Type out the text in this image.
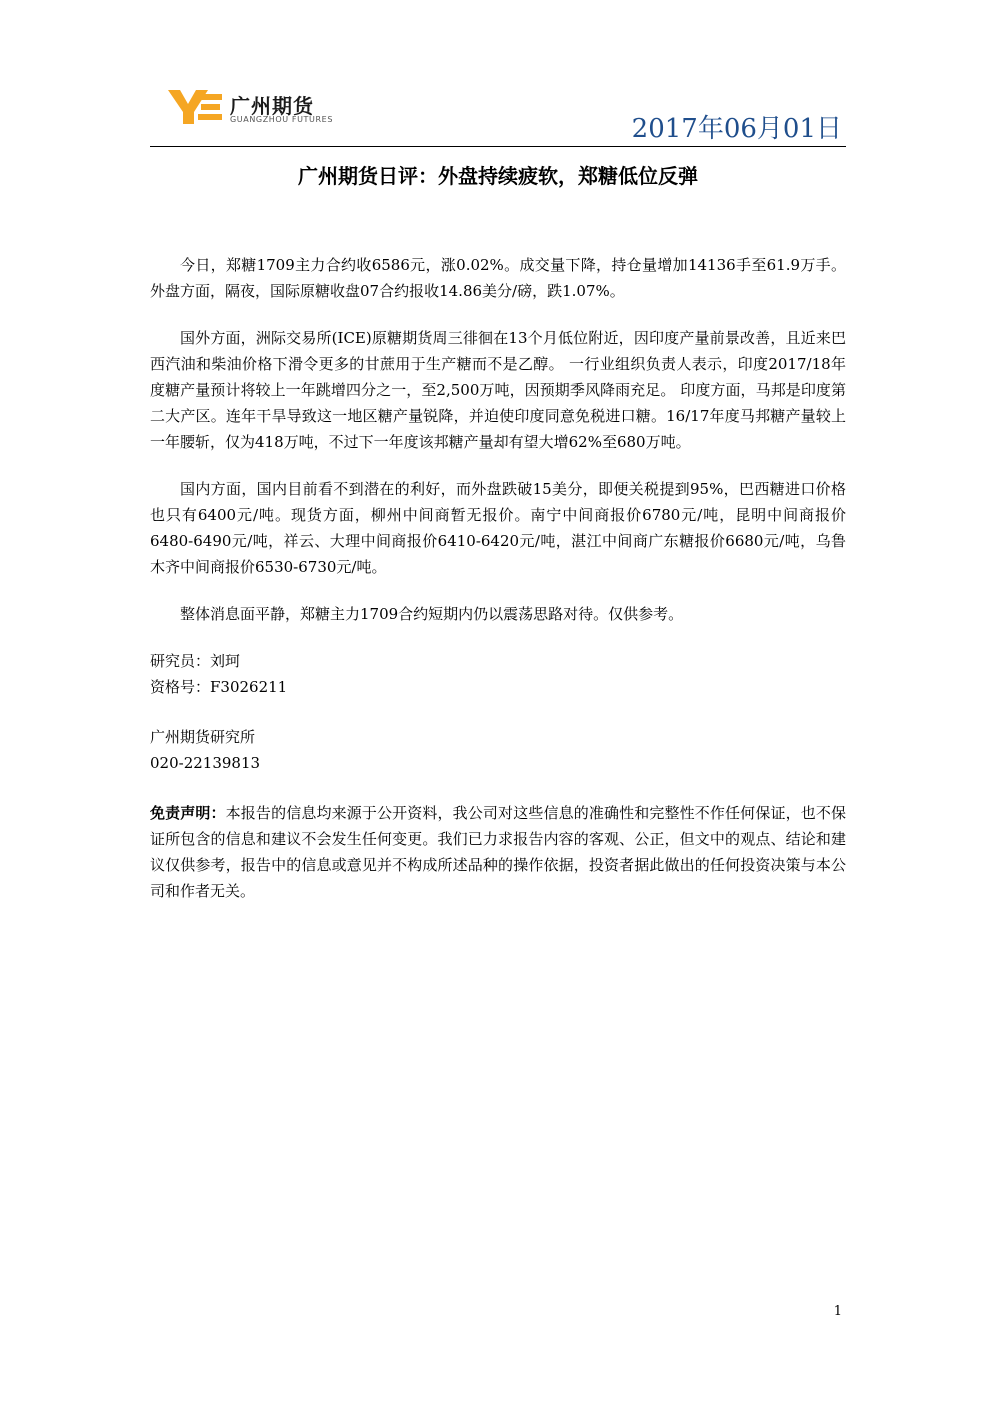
广州期货
GUANGZHOU FUTURES	2017年06月01日
广州期货日评：外盘持续疲软，郑糖低位反弹

今日，郑糖1709主力合约收6586元，涨0.02%。成交量下降，持仓量增加14136手至61.9万手。外盘方面，隔夜，国际原糖收盘07合约报收14.86美分/磅，跌1.07%。

国外方面，洲际交易所(ICE)原糖期货周三徘徊在13个月低位附近，因印度产量前景改善，且近来巴西汽油和柴油价格下滑令更多的甘蔗用于生产糖而不是乙醇。 一行业组织负责人表示，印度2017/18年度糖产量预计将较上一年跳增四分之一，至2,500万吨，因预期季风降雨充足。 印度方面，马邦是印度第二大产区。连年干旱导致这一地区糖产量锐降，并迫使印度同意免税进口糖。16/17年度马邦糖产量较上一年腰斩，仅为418万吨，不过下一年度该邦糖产量却有望大增62%至680万吨。

国内方面，国内目前看不到潜在的利好，而外盘跌破15美分，即便关税提到95%，巴西糖进口价格也只有6400元/吨。现货方面，柳州中间商暂无报价。南宁中间商报价6780元/吨，昆明中间商报价6480-6490元/吨，祥云、大理中间商报价6410-6420元/吨，湛江中间商广东糖报价6680元/吨，乌鲁木齐中间商报价6530-6730元/吨。

整体消息面平静，郑糖主力1709合约短期内仍以震荡思路对待。仅供参考。

研究员：刘珂

资格号：F3026211

广州期货研究所

020-22139813

免责声明：本报告的信息均来源于公开资料，我公司对这些信息的准确性和完整性不作任何保证，也不保证所包含的信息和建议不会发生任何变更。我们已力求报告内容的客观、公正，但文中的观点、结论和建议仅供参考，报告中的信息或意见并不构成所述品种的操作依据，投资者据此做出的任何投资决策与本公司和作者无关。

1
